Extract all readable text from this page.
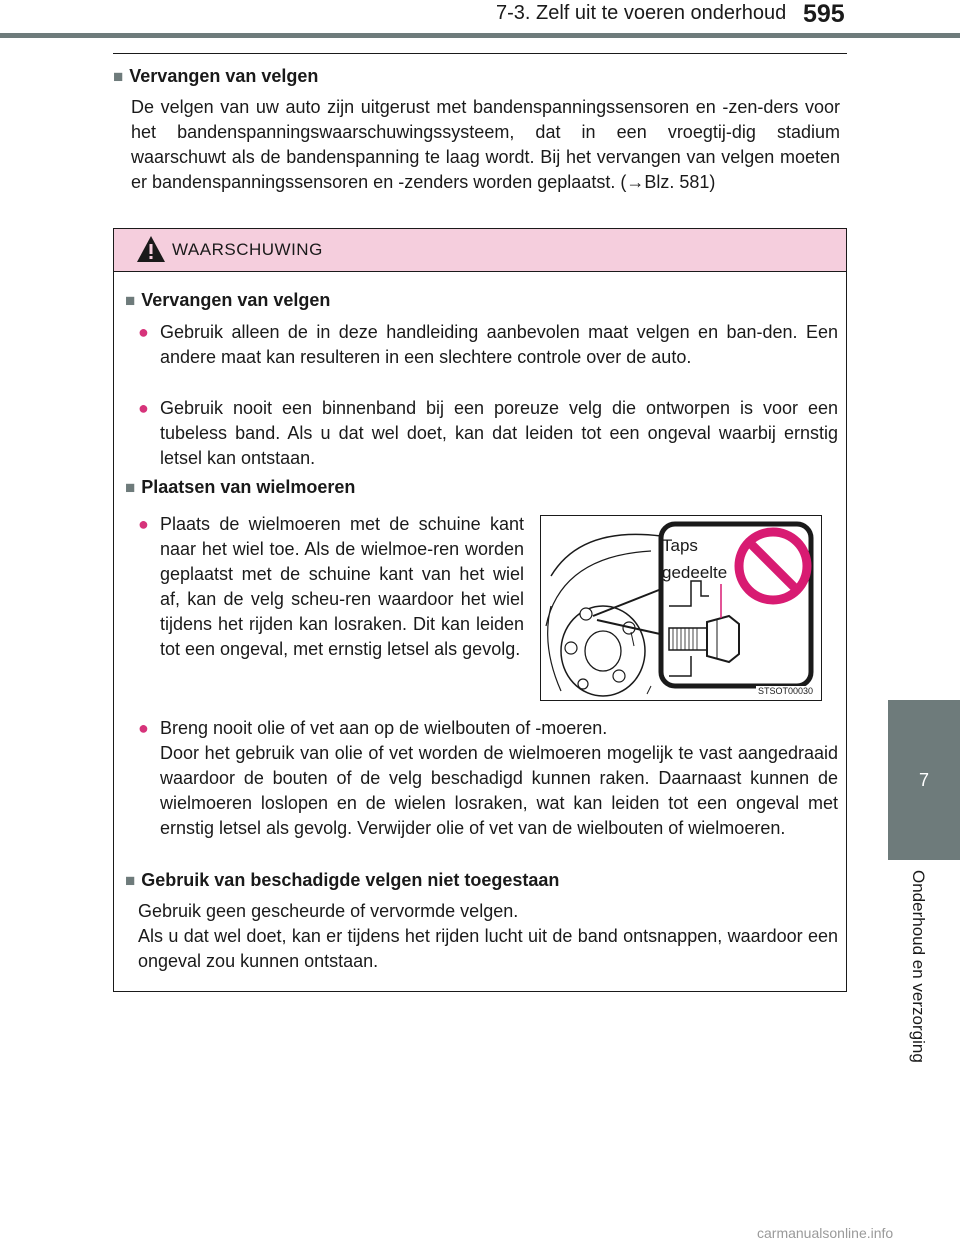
7-3. Zelf uit te voeren onderhoud 595
7
Onderhoud en verzorging
■ Vervangen van velgen
De velgen van uw auto zijn uitgerust met bandenspanningssensoren en -zen-ders voor het bandenspanningswaarschuwingssysteem, dat in een vroegtij-dig stadium waarschuwt als de bandenspanning te laag wordt. Bij het vervangen van velgen moeten er bandenspanningssensoren en -zenders worden geplaatst. (→Blz. 581)
WAARSCHUWING
■ Vervangen van velgen
● Gebruik alleen de in deze handleiding aanbevolen maat velgen en ban-den. Een andere maat kan resulteren in een slechtere controle over de auto.
● Gebruik nooit een binnenband bij een poreuze velg die ontworpen is voor een tubeless band. Als u dat wel doet, kan dat leiden tot een ongeval waarbij ernstig letsel kan ontstaan.
■ Plaatsen van wielmoeren
● Plaats de wielmoeren met de schuine kant naar het wiel toe. Als de wielmoe-ren worden geplaatst met de schuine kant van het wiel af, kan de velg scheu-ren waardoor het wiel tijdens het rijden kan losraken. Dit kan leiden tot een ongeval, met ernstig letsel als gevolg.
Taps
gedeelte
STSOT00030
● Breng nooit olie of vet aan op de wielbouten of -moeren.
Door het gebruik van olie of vet worden de wielmoeren mogelijk te vast aangedraaid waardoor de bouten of de velg beschadigd kunnen raken. Daarnaast kunnen de wielmoeren loslopen en de wielen losraken, wat kan leiden tot een ongeval met ernstig letsel als gevolg. Verwijder olie of vet van de wielbouten of wielmoeren.
■ Gebruik van beschadigde velgen niet toegestaan
Gebruik geen gescheurde of vervormde velgen.
Als u dat wel doet, kan er tijdens het rijden lucht uit de band ontsnappen, waardoor een ongeval zou kunnen ontstaan.
carmanualsonline.info
